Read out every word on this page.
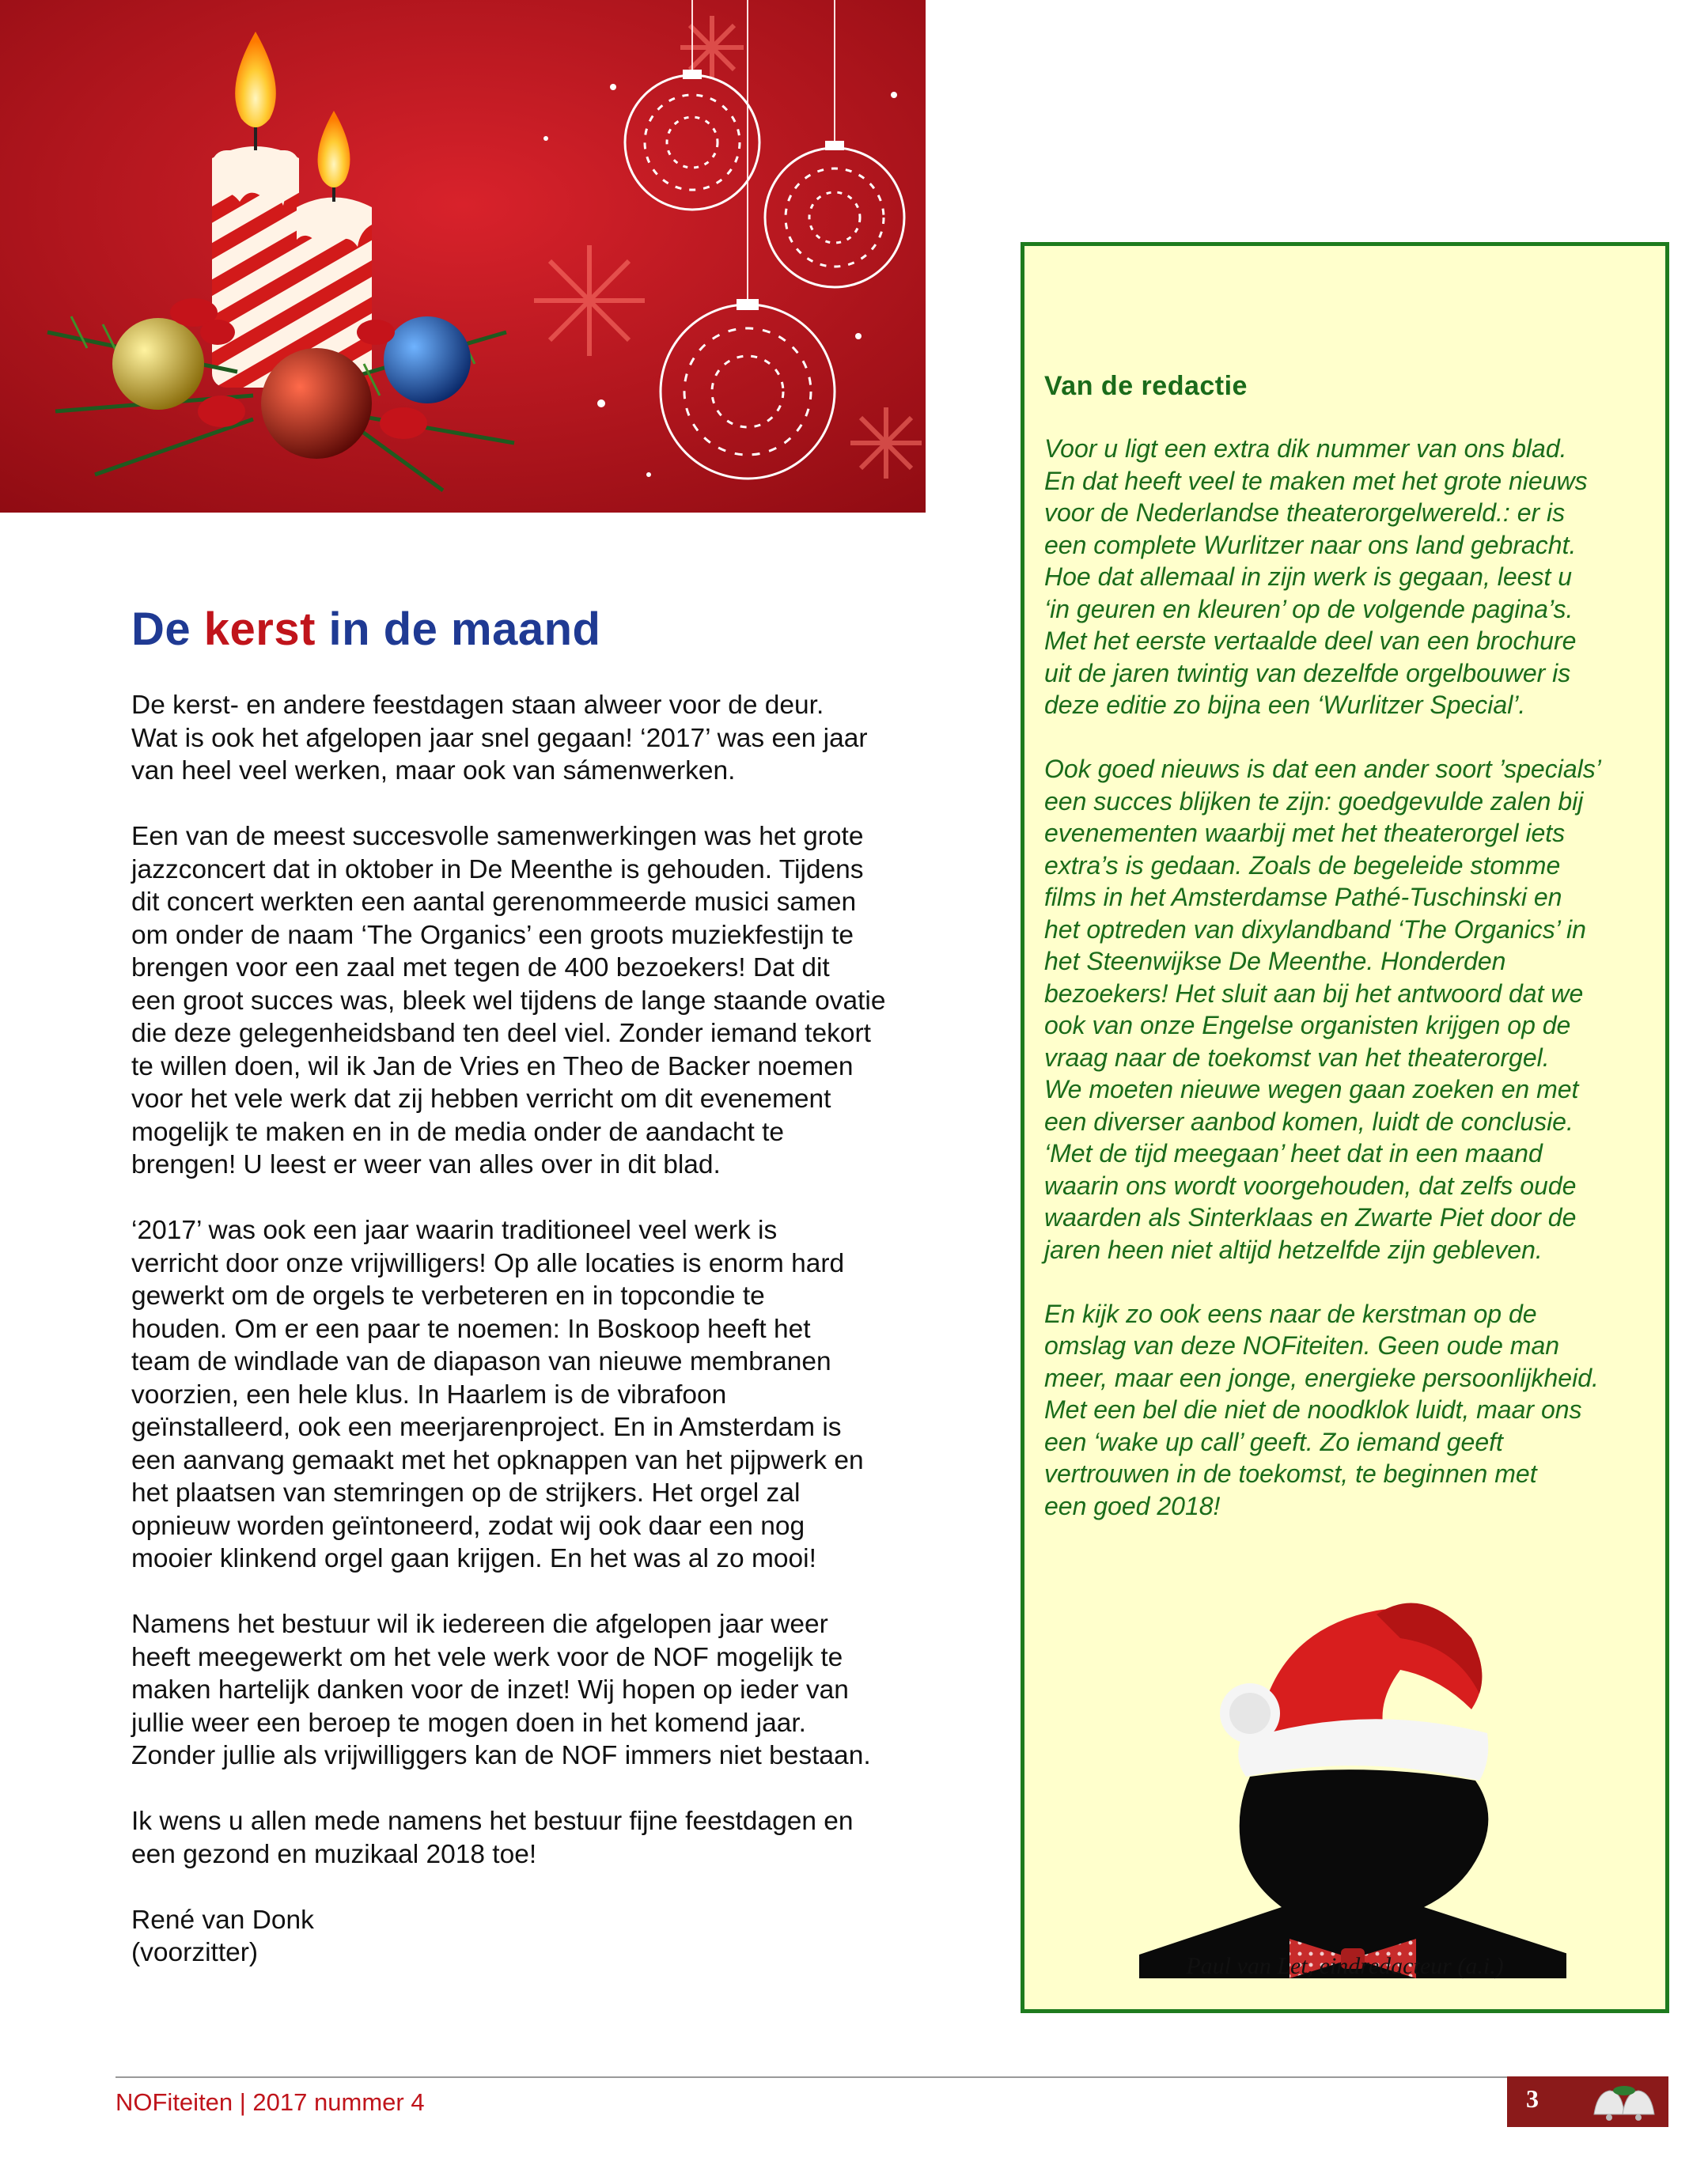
De kerst in de maand
De kerst- en andere feestdagen staan alweer voor de deur.
Wat is ook het afgelopen jaar snel gegaan! ‘2017’ was een jaar
van heel veel werken, maar ook van sámenwerken.
Een van de meest succesvolle samenwerkingen was het grote
jazzconcert dat in oktober in De Meenthe is gehouden. Tijdens
dit concert werkten een aantal gerenommeerde musici samen
om onder de naam ‘The Organics’ een groots muziekfestijn te
brengen voor een zaal met tegen de 400 bezoekers! Dat dit
een groot succes was, bleek wel tijdens de lange staande ovatie
die deze gelegenheidsband ten deel viel. Zonder iemand tekort
te willen doen, wil ik Jan de Vries en Theo de Backer noemen
voor het vele werk dat zij hebben verricht om dit evenement
mogelijk te maken en in de media onder de aandacht te
brengen! U leest er weer van alles over in dit blad.
‘2017’ was ook een jaar waarin traditioneel veel werk is
verricht door onze vrijwilligers! Op alle locaties is enorm hard
gewerkt om de orgels te verbeteren en in topcondie te
houden. Om er een paar te noemen: In Boskoop heeft het
team de windlade van de diapason van nieuwe membranen
voorzien, een hele klus. In Haarlem is de vibrafoon
geïnstalleerd, ook een meerjarenproject. En in Amsterdam is
een aanvang gemaakt met het opknappen van het pijpwerk en
het plaatsen van stemringen op de strijkers. Het orgel zal
opnieuw worden geïntoneerd, zodat wij ook daar een nog
mooier klinkend orgel gaan krijgen. En het was al zo mooi!
Namens het bestuur wil ik iedereen die afgelopen jaar weer
heeft meegewerkt om het vele werk voor de NOF mogelijk te
maken hartelijk danken voor de inzet! Wij hopen op ieder van
jullie weer een beroep te mogen doen in het komend jaar.
Zonder jullie als vrijwilliggers kan de NOF immers niet bestaan.
Ik wens u allen mede namens het bestuur fijne feestdagen en
een gezond en muzikaal 2018 toe!
René van Donk
(voorzitter)
Van de redactie
Voor u ligt een extra dik nummer van ons blad.
En dat heeft veel te maken met het grote nieuws
voor de Nederlandse theaterorgelwereld.: er is
een complete Wurlitzer naar ons land gebracht.
Hoe dat allemaal in zijn werk is gegaan, leest u
‘in geuren en kleuren’ op de volgende pagina’s.
Met het eerste vertaalde deel van een brochure
uit de jaren twintig van dezelfde orgelbouwer is
deze editie zo bijna een ‘Wurlitzer Special’.
Ook goed nieuws is dat een ander soort ’specials’
een succes blijken te zijn: goedgevulde zalen bij
evenementen waarbij met het theaterorgel iets
extra’s is gedaan. Zoals de begeleide stomme
films in het Amsterdamse Pathé-Tuschinski en
het optreden van dixylandband ‘The Organics’ in
het Steenwijkse De Meenthe. Honderden
bezoekers! Het sluit aan bij het antwoord dat we
ook van onze Engelse organisten krijgen op de
vraag naar de toekomst van het theaterorgel.
We moeten nieuwe wegen gaan zoeken en met
een diverser aanbod komen, luidt de conclusie.
‘Met de tijd meegaan’ heet dat in een maand
waarin ons wordt voorgehouden, dat zelfs oude
waarden als Sinterklaas en Zwarte Piet door de
jaren heen niet altijd hetzelfde zijn gebleven.
En kijk zo ook eens naar de kerstman op de
omslag van deze NOFiteiten. Geen oude man
meer, maar een jonge, energieke persoonlijkheid.
Met een bel die niet de noodklok luidt, maar ons
een ‘wake up call’ geeft. Zo iemand geeft
vertrouwen in de toekomst, te beginnen met
een goed 2018!
Paul van Let, eindredacteur (a.i.)
NOFiteiten | 2017 nummer 4	3
